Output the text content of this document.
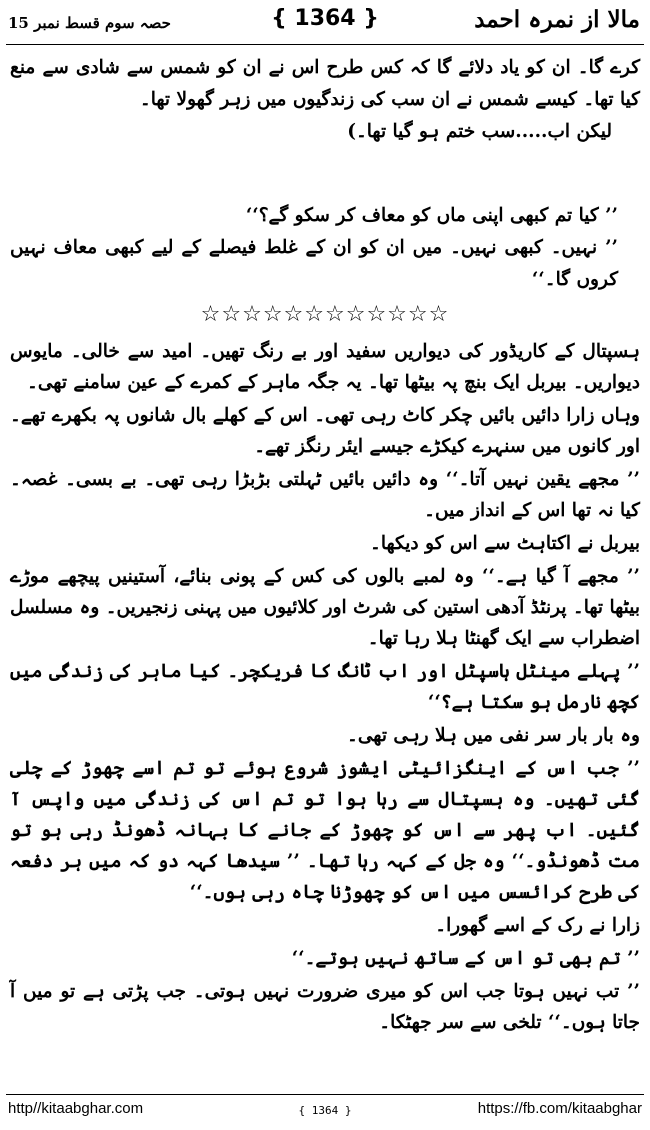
مالا از نمرہ احمد
{ 1364 }
حصہ سوم قسط نمبر 15

کرے گا۔ ان کو یاد دلائے گا کہ کس طرح اس نے ان کو شمس سے شادی سے منع کیا تھا۔ کیسے شمس نے ان سب کی زندگیوں میں زہر گھولا تھا۔

لیکن اب.....سب ختم ہو گیا تھا۔)

’’ کیا تم کبھی اپنی ماں کو معاف کر سکو گے؟‘‘

’’ نہیں۔ کبھی نہیں۔ میں ان کو ان کے غلط فیصلے کے لیے کبھی معاف نہیں کروں گا۔‘‘

☆☆☆☆☆☆☆☆☆☆☆☆

ہسپتال کے کاریڈور کی دیواریں سفید اور بے رنگ تھیں۔ امید سے خالی۔ مایوس دیواریں۔ بیربل ایک بنچ پہ بیٹھا تھا۔ یہ جگہ ماہر کے کمرے کے عین سامنے تھی۔

وہاں زارا دائیں بائیں چکر کاٹ رہی تھی۔ اس کے کھلے بال شانوں پہ بکھرے تھے۔ اور کانوں میں سنہرے کیکڑے جیسے ایئر رنگز تھے۔

’’ مجھے یقین نہیں آتا۔‘‘ وہ دائیں بائیں ٹہلتی بڑبڑا رہی تھی۔ بے بسی۔ غصہ۔ کیا نہ تھا اس کے انداز میں۔

بیربل نے اکتاہٹ سے اس کو دیکھا۔

’’ مجھے آ گیا ہے۔‘‘ وہ لمبے بالوں کی کس کے پونی بنائے، آستینیں پیچھے موڑے بیٹھا تھا۔ پرنٹڈ آدھی استین کی شرٹ اور کلائیوں میں پہنی زنجیریں۔ وہ مسلسل اضطراب سے ایک گھنٹا ہلا رہا تھا۔

’’ پہلے مینٹل ہاسپٹل اور اب ٹانگ کا فریکچر۔ کیا ماہر کی زندگی میں کچھ نارمل ہو سکتا ہے؟‘‘

وہ بار بار سر نفی میں ہلا رہی تھی۔

’’ جب اس کے اینگزائیٹی ایشوز شروع ہوئے تو تم اسے چھوڑ کے چلی گئی تھیں۔ وہ ہسپتال سے رہا ہوا تو تم اس کی زندگی میں واپس آ گئیں۔ اب پھر سے اس کو چھوڑ کے جانے کا بہانہ ڈھونڈ رہی ہو تو مت ڈھونڈو۔‘‘ وہ جل کے کہہ رہا تھا۔ ’’ سیدھا کہہ دو کہ میں ہر دفعہ کی طرح کرائسس میں اس کو چھوڑنا چاہ رہی ہوں۔‘‘

زارا نے رک کے اسے گھورا۔

’’ تم بھی تو اس کے ساتھ نہیں ہوتے۔‘‘

’’ تب نہیں ہوتا جب اس کو میری ضرورت نہیں ہوتی۔ جب پڑتی ہے تو میں آ جاتا ہوں۔‘‘ تلخی سے سر جھٹکا۔

http//kitaabghar.com	{ 1364 }	https://fb.com/kitaabghar
